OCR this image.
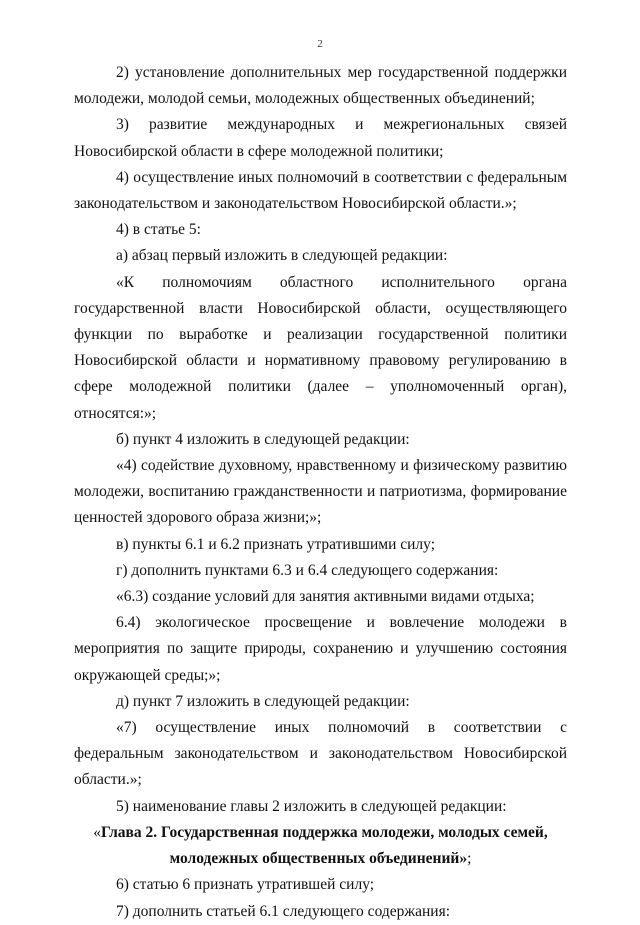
2

2) установление дополнительных мер государственной поддержки молодежи, молодой семьи, молодежных общественных объединений;

3) развитие международных и межрегиональных связей Новосибирской области в сфере молодежной политики;

4) осуществление иных полномочий в соответствии с федеральным законодательством и законодательством Новосибирской области.»;

4) в статье 5:

а) абзац первый изложить в следующей редакции:

«К полномочиям областного исполнительного органа государственной власти Новосибирской области, осуществляющего функции по выработке и реализации государственной политики Новосибирской области и нормативному правовому регулированию в сфере молодежной политики (далее – уполномоченный орган), относятся:»;

б) пункт 4 изложить в следующей редакции:

«4) содействие духовному, нравственному и физическому развитию молодежи, воспитанию гражданственности и патриотизма, формирование ценностей здорового образа жизни;»;

в) пункты 6.1 и 6.2 признать утратившими силу;

г) дополнить пунктами 6.3 и 6.4 следующего содержания:

«6.3) создание условий для занятия активными видами отдыха;

6.4) экологическое просвещение и вовлечение молодежи в мероприятия по защите природы, сохранению и улучшению состояния окружающей среды;»;

д) пункт 7 изложить в следующей редакции:

«7) осуществление иных полномочий в соответствии с федеральным законодательством и законодательством Новосибирской области.»;

5) наименование главы 2 изложить в следующей редакции:

«Глава 2. Государственная поддержка молодежи, молодых семей,
молодежных общественных объединений»;

6) статью 6 признать утратившей силу;

7) дополнить статьей 6.1 следующего содержания:
